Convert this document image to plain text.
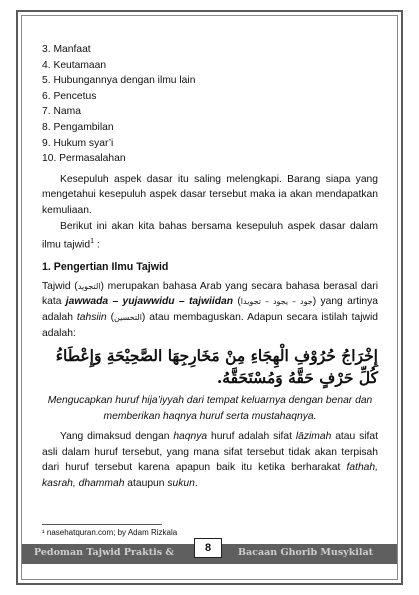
3. Manfaat
4. Keutamaan
5. Hubungannya dengan ilmu lain
6. Pencetus
7. Nama
8. Pengambilan
9. Hukum syar’i
10. Permasalahan

Kesepuluh aspek dasar itu saling melengkapi. Barang siapa yang mengetahui kesepuluh aspek dasar tersebut maka ia akan mendapatkan kemuliaan.

Berikut ini akan kita bahas bersama kesepuluh aspek dasar dalam ilmu tajwid$^1$ :

1. Pengertian Ilmu Tajwid

Tajwid (التجويد) merupakan bahasa Arab yang secara bahasa berasal dari kata jawwada – yujawwidu – tajwiidan (جود – يجود – تجويدا) yang artinya adalah tahsiin (التحسين) atau membaguskan. Adapun secara istilah tajwid adalah:

إِخْرَاجُ حُرُوْفِ الْهِجَاءِ مِنْ مَخَارِجِهَا الصَّحِيْحَةِ وَإِعْطَاءُ كُلِّ حَرْفٍ حَقَّهُ وَمُسْتَحَقَّهُ.

Mengucapkan huruf hija’iyyah dari tempat keluarnya dengan benar dan memberikan haqnya huruf serta mustahaqnya.

Yang dimaksud dengan haqnya huruf adalah sifat lāzimah atau sifat asli dalam huruf tersebut, yang mana sifat tersebut tidak akan terpisah dari huruf tersebut karena apapun baik itu ketika berharakat fathah, kasrah, dhammah ataupun sukun.

¹ nasehatquran.com; by Adam Rizkala
Pedoman Tajwid Praktis &	8	Bacaan Ghorib Musykilat
